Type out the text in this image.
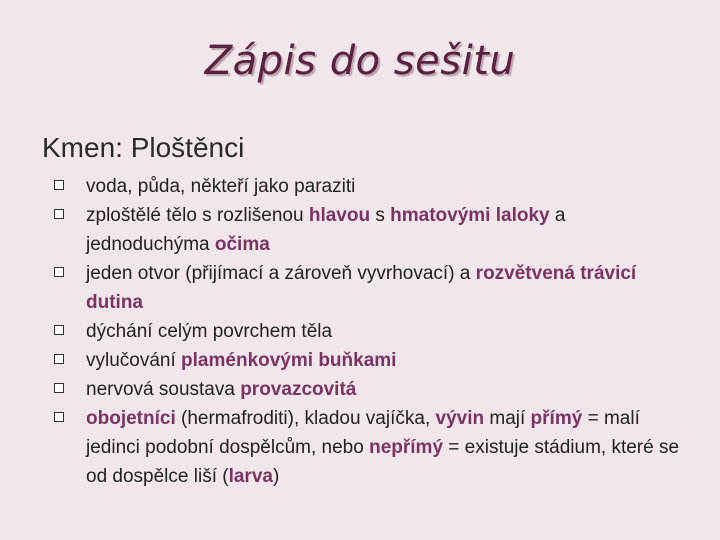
Zápis do sešitu
Kmen: Ploštěnci
voda, půda, někteří jako paraziti
zploštělé tělo s rozlišenou hlavou s hmatovými laloky a jednoduchýma očima
jeden otvor (přijímací a zároveň vyvrhovací) a rozvětvená trávicí dutina
dýchání celým povrchem těla
vylučování plaménkovými buňkami
nervová soustava provazcovitá
obojetníci (hermafroditi), kladou vajíčka, vývin mají přímý = malí jedinci podobní dospělcům, nebo nepřímý = existuje stádium, které se od dospělce liší (larva)
